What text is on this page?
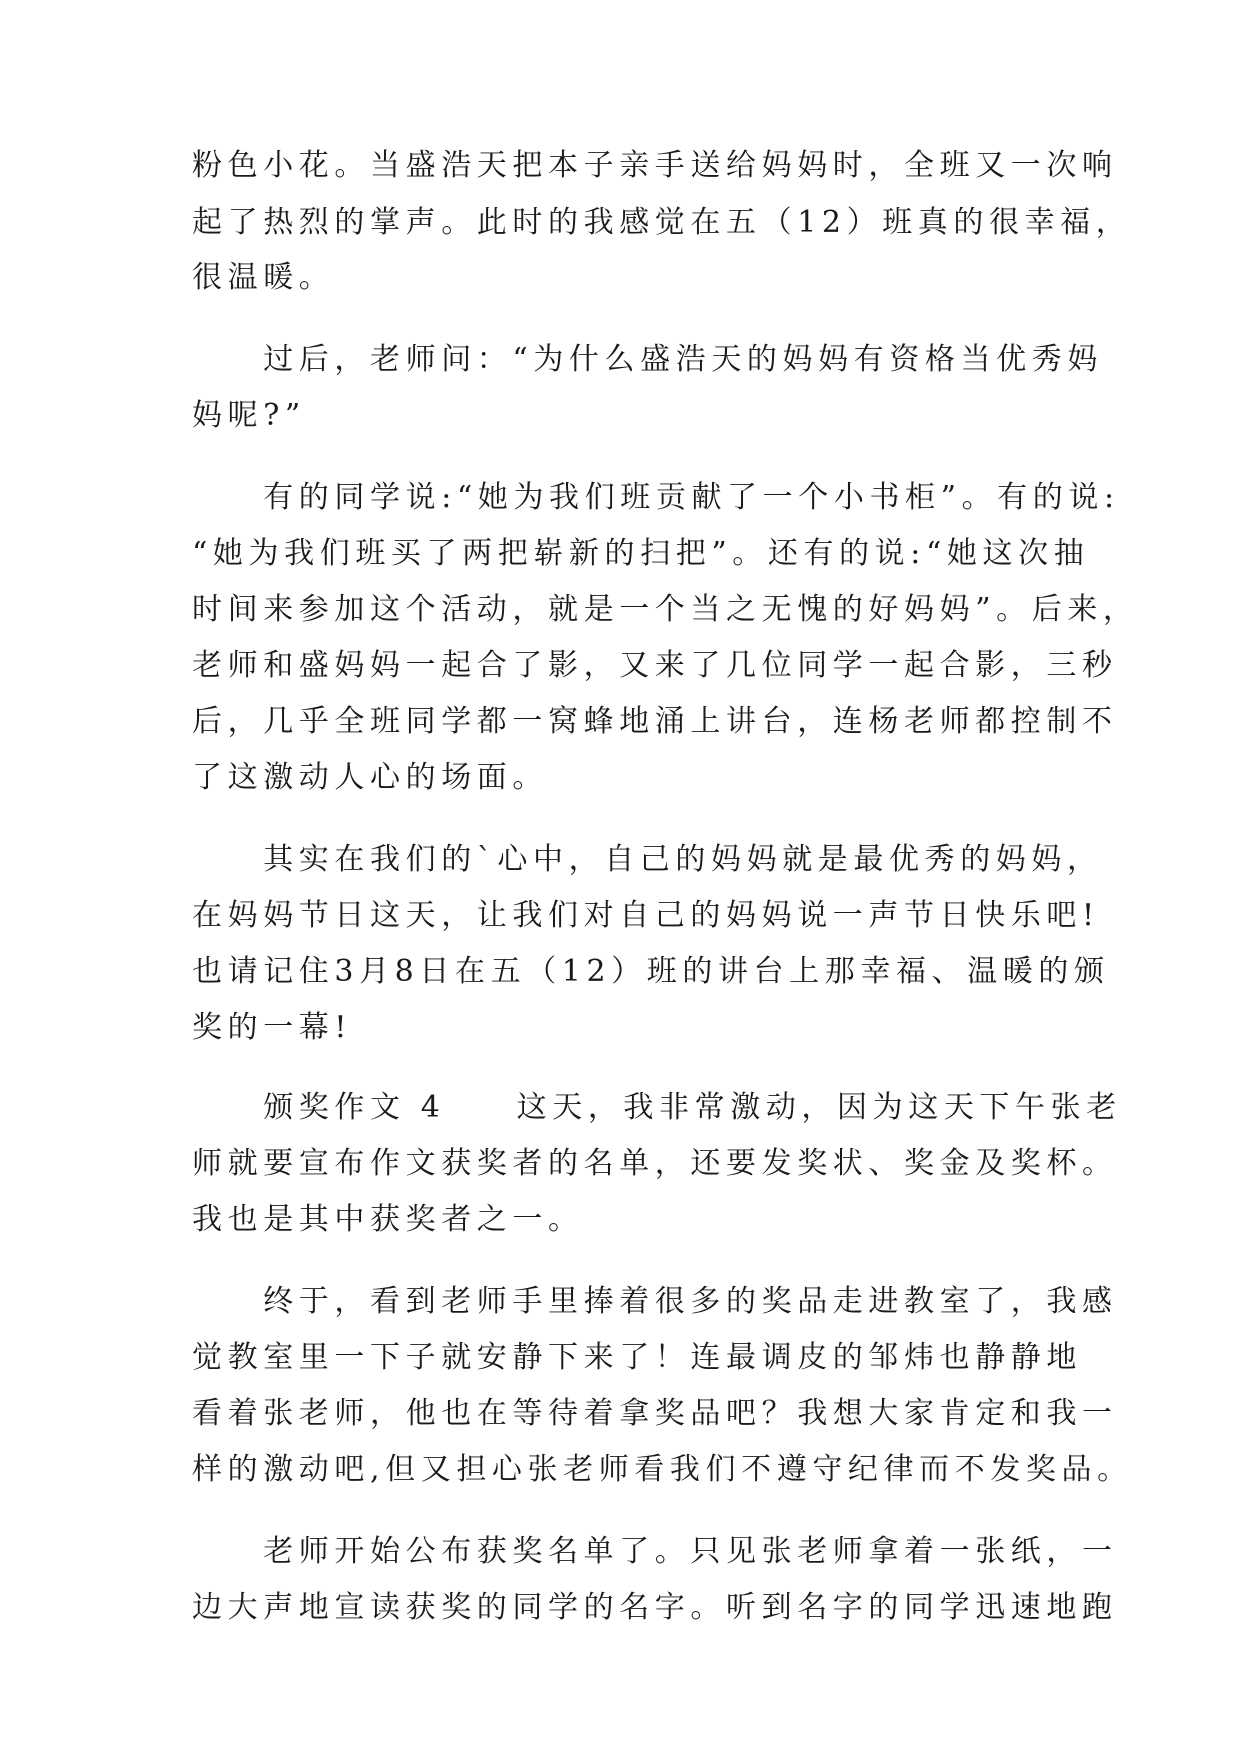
粉色小花。当盛浩天把本子亲手送给妈妈时，全班又一次响
起了热烈的掌声。此时的我感觉在五（12）班真的很幸福，
很温暖。
　　过后，老师问：“为什么盛浩天的妈妈有资格当优秀妈
妈呢?”
　　有的同学说:“她为我们班贡献了一个小书柜”。有的说:
“她为我们班买了两把崭新的扫把”。还有的说:“她这次抽
时间来参加这个活动，就是一个当之无愧的好妈妈”。后来，
老师和盛妈妈一起合了影，又来了几位同学一起合影，三秒
后，几乎全班同学都一窝蜂地涌上讲台，连杨老师都控制不
了这激动人心的场面。
　　其实在我们的`心中，自己的妈妈就是最优秀的妈妈，
在妈妈节日这天，让我们对自己的妈妈说一声节日快乐吧!
也请记住3月8日在五（12）班的讲台上那幸福、温暖的颁
奖的一幕!
　　颁奖作文 4　　这天，我非常激动，因为这天下午张老
师就要宣布作文获奖者的名单，还要发奖状、奖金及奖杯。
我也是其中获奖者之一。
　　终于，看到老师手里捧着很多的奖品走进教室了，我感
觉教室里一下子就安静下来了！连最调皮的邹炜也静静地
看着张老师，他也在等待着拿奖品吧？我想大家肯定和我一
样的激动吧,但又担心张老师看我们不遵守纪律而不发奖品。
　　老师开始公布获奖名单了。只见张老师拿着一张纸，一
边大声地宣读获奖的同学的名字。听到名字的同学迅速地跑
